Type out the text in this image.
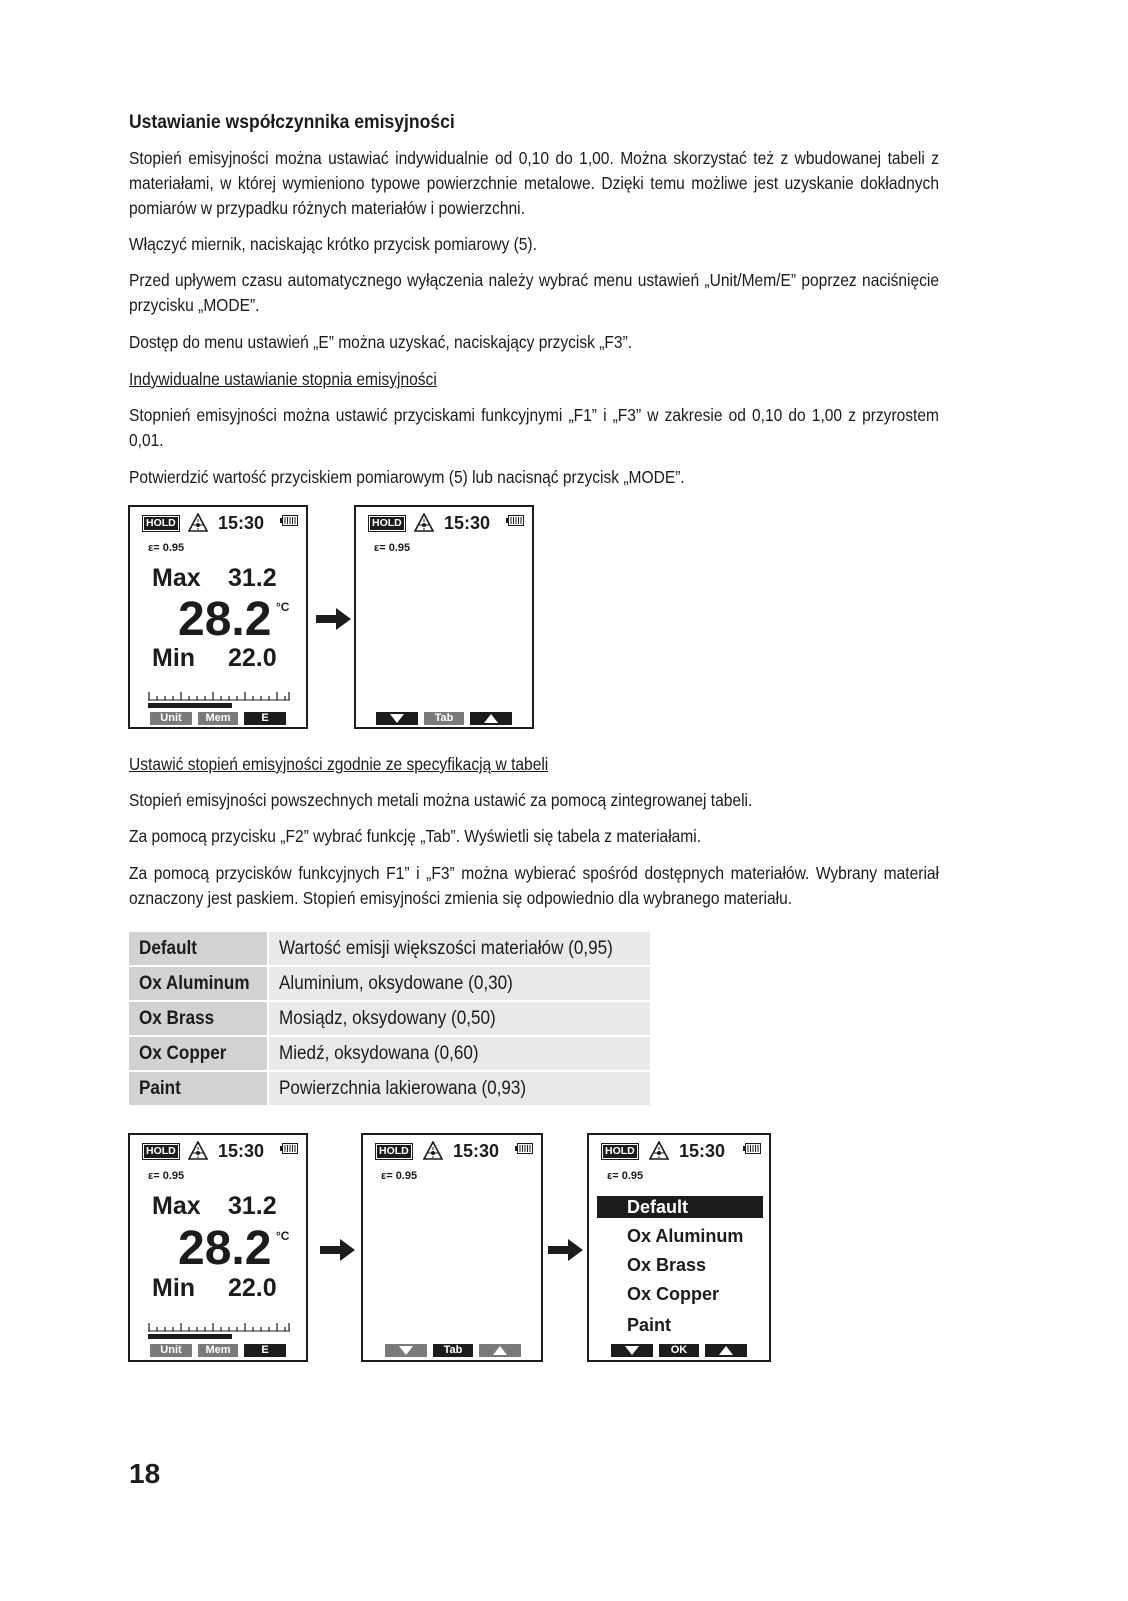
Ustawianie współczynnika emisyjności

Stopień emisyjności można ustawiać indywidualnie od 0,10 do 1,00. Można skorzystać też z wbudowanej tabeli z materiałami, w której wymieniono typowe powierzchnie metalowe. Dzięki temu możliwe jest uzyskanie dokładnych pomiarów w przypadku różnych materiałów i powierzchni.

Włączyć miernik, naciskając krótko przycisk pomiarowy (5).

Przed upływem czasu automatycznego wyłączenia należy wybrać menu ustawień „Unit/Mem/E” poprzez naciśnięcie przycisku „MODE”.

Dostęp do menu ustawień „E” można uzyskać, naciskający przycisk „F3”.

Indywidualne ustawianie stopnia emisyjności

Stopnień emisyjności można ustawić przyciskami funkcyjnymi „F1” i „F3” w zakresie od 0,10 do 1,00 z przyrostem 0,01.

Potwierdzić wartość przyciskiem pomiarowym (5) lub nacisnąć przycisk „MODE”.

HOLD 15:30
ε= 0.95
Max 31.2
28.2 °C
Min 22.0
Unit	Mem	E
HOLD 15:30
ε= 0.95
Tab

Ustawić stopień emisyjności zgodnie ze specyfikacją w tabeli

Stopień emisyjności powszechnych metali można ustawić za pomocą zintegrowanej tabeli.

Za pomocą przycisku „F2” wybrać funkcję „Tab”. Wyświetli się tabela z materiałami.

Za pomocą przycisków funkcyjnych F1” i „F3” można wybierać spośród dostępnych materiałów. Wybrany materiał oznaczony jest paskiem. Stopień emisyjności zmienia się odpowiednio dla wybranego materiału.

Default	Wartość emisji większości materiałów (0,95)
Ox Aluminum	Aluminium, oksydowane (0,30)
Ox Brass	Mosiądz, oksydowany (0,50)
Ox Copper	Miedź, oksydowana (0,60)
Paint	Powierzchnia lakierowana (0,93)
HOLD 15:30
ε= 0.95
Max 31.2
28.2 °C
Min 22.0
Unit	Mem	E
HOLD 15:30
ε= 0.95
Tab
HOLD 15:30
ε= 0.95
Default
Ox Aluminum
Ox Brass
Ox Copper
Paint
OK
18
